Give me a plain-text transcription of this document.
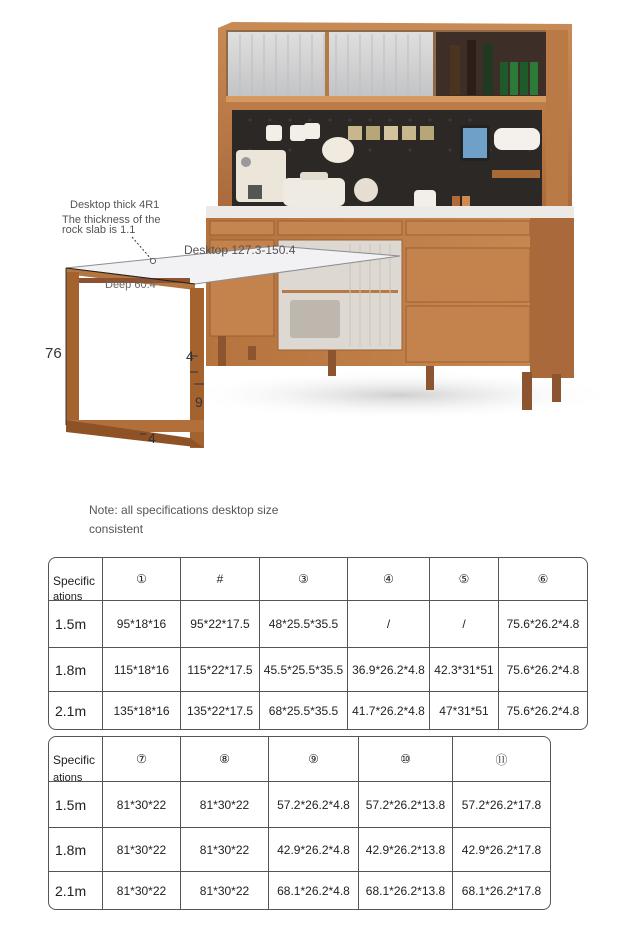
Desktop thick 4R1
The thickness of the
rock slab is 1.1
Desktop 127.3-150.4
Deep 60.4
76	4
9
4
Note: all specifications desktop size consistent
Specific
ations	①	#	③	④	⑤	⑥
1.5m	95*18*16	95*22*17.5	48*25.5*35.5	/	/	75.6*26.2*4.8
1.8m	115*18*16	115*22*17.5	45.5*25.5*35.5	36.9*26.2*4.8	42.3*31*51	75.6*26.2*4.8
2.1m	135*18*16	135*22*17.5	68*25.5*35.5	41.7*26.2*4.8	47*31*51	75.6*26.2*4.8
Specific
ations	⑦	⑧	⑨	⑩	⑪
1.5m	81*30*22	81*30*22	57.2*26.2*4.8	57.2*26.2*13.8	57.2*26.2*17.8
1.8m	81*30*22	81*30*22	42.9*26.2*4.8	42.9*26.2*13.8	42.9*26.2*17.8
2.1m	81*30*22	81*30*22	68.1*26.2*4.8	68.1*26.2*13.8	68.1*26.2*17.8
